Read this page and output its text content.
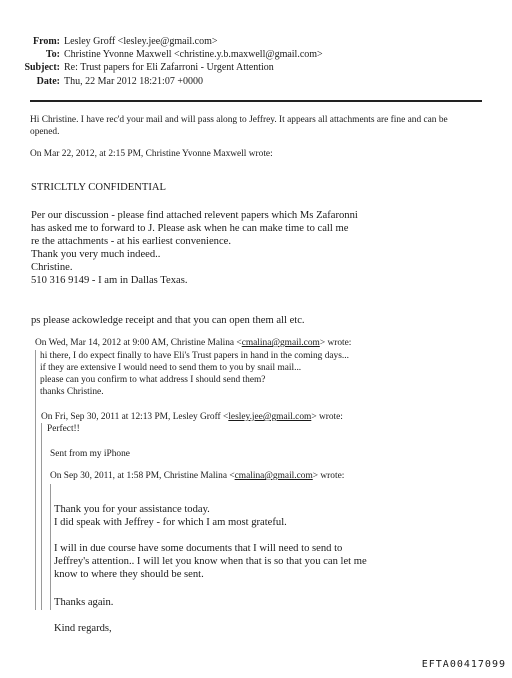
From: Lesley Groff <lesley.jee@gmail.com>
To: Christine Yvonne Maxwell <christine.y.b.maxwell@gmail.com>
Subject: Re: Trust papers for Eli Zafarroni - Urgent Attention
Date: Thu, 22 Mar 2012 18:21:07 +0000
Hi Christine. I have rec'd your mail and will pass along to Jeffrey. It appears all attachments are fine and can be
opened.
On Mar 22, 2012, at 2:15 PM, Christine Yvonne Maxwell wrote:
STRICLTLY CONFIDENTIAL
Per our discussion - please find attached relevent papers which Ms Zafaronni
has asked me to forward to J. Please ask when he can make time to call me
re the attachments - at his earliest convenience.
Thank you very much indeed..
Christine.
510 316 9149 - I am in Dallas Texas.
ps please ackowledge receipt and that you can open them all etc.
On Wed, Mar 14, 2012 at 9:00 AM, Christine Malina <cmalina@gmail.com> wrote:
hi there, I do expect finally to have Eli's Trust papers in hand in the coming days...
if they are extensive I would need to send them to you by snail mail...
please can you confirm to what address I should send them?
thanks Christine.
On Fri, Sep 30, 2011 at 12:13 PM, Lesley Groff <lesley.jee@gmail.com> wrote:
Perfect!!
Sent from my iPhone
On Sep 30, 2011, at 1:58 PM, Christine Malina <cmalina@gmail.com> wrote:
Thank you for your assistance today.
I did speak with Jeffrey - for which I am most grateful.
I will in due course have some documents that I will need to send to
Jeffrey's attention.. I will let you know when that is so that you can let me
know to where they should be sent.
Thanks again.
Kind regards,
EFTA00417099
